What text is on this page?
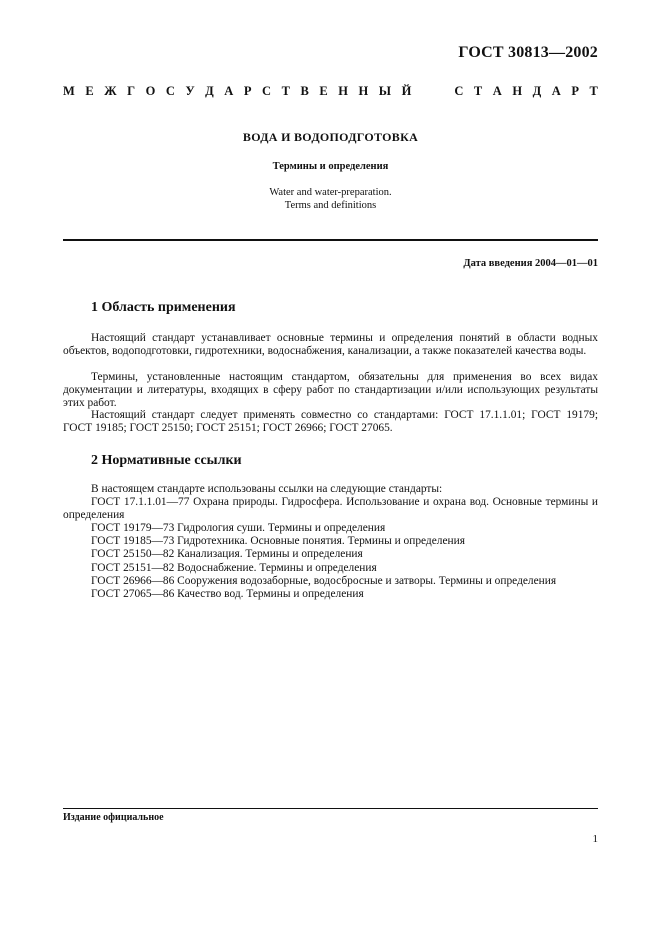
ГОСТ 30813—2002
М Е Ж Г О С У Д А Р С Т В Е Н Н Ы Й	С Т А Н Д А Р Т
ВОДА И ВОДОПОДГОТОВКА
Термины и определения
Water and water-preparation.
Terms and definitions
Дата введения 2004—01—01
1 Область применения

Настоящий стандарт устанавливает основные термины и определения понятий в области водных объектов, водоподготовки, гидротехники, водоснабжения, канализации, а также показателей качества воды.

Термины, установленные настоящим стандартом, обязательны для применения во всех видах документации и литературы, входящих в сферу работ по стандартизации и/или использующих результаты этих работ.

Настоящий стандарт следует применять совместно со стандартами: ГОСТ 17.1.1.01; ГОСТ 19179; ГОСТ 19185; ГОСТ 25150; ГОСТ 25151; ГОСТ 26966; ГОСТ 27065.

2 Нормативные ссылки

В настоящем стандарте использованы ссылки на следующие стандарты:

ГОСТ 17.1.1.01—77 Охрана природы. Гидросфера. Использование и охрана вод. Основные термины и определения

ГОСТ 19179—73 Гидрология суши. Термины и определения
ГОСТ 19185—73 Гидротехника. Основные понятия. Термины и определения
ГОСТ 25150—82 Канализация. Термины и определения
ГОСТ 25151—82 Водоснабжение. Термины и определения
ГОСТ 26966—86 Сооружения водозаборные, водосбросные и затворы. Термины и определения
ГОСТ 27065—86 Качество вод. Термины и определения
Издание официальное
1
